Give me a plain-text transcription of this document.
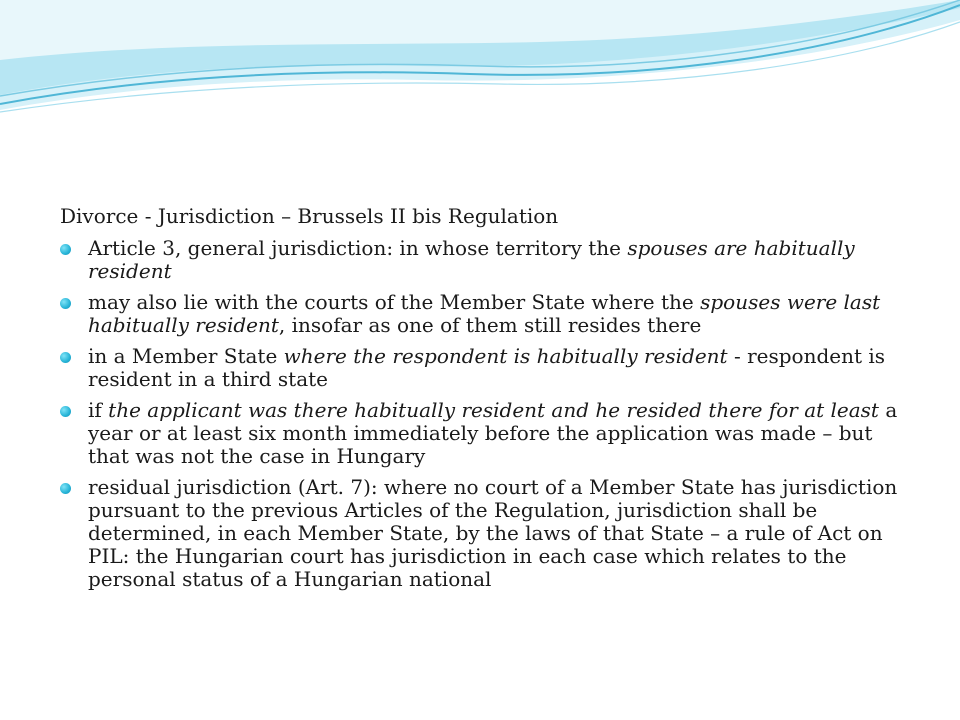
Divorce - Jurisdiction – Brussels II bis Regulation
Article 3, general jurisdiction: in whose territory the spouses are habitually resident
may also lie with the courts of the Member State where the spouses were last habitually resident, insofar as one of them still resides there
in a Member State where the respondent is habitually resident - respondent is resident in a third state
if the applicant was there habitually resident and he resided there for at least a year or at least six month immediately before the application was made – but that was not the case in Hungary
residual jurisdiction (Art. 7): where no court of a Member State has jurisdiction pursuant to the previous Articles of the Regulation, jurisdiction shall be determined, in each Member State, by the laws of that State – a rule of Act on PIL: the Hungarian court has jurisdiction in each case which relates to the personal status of a Hungarian national
